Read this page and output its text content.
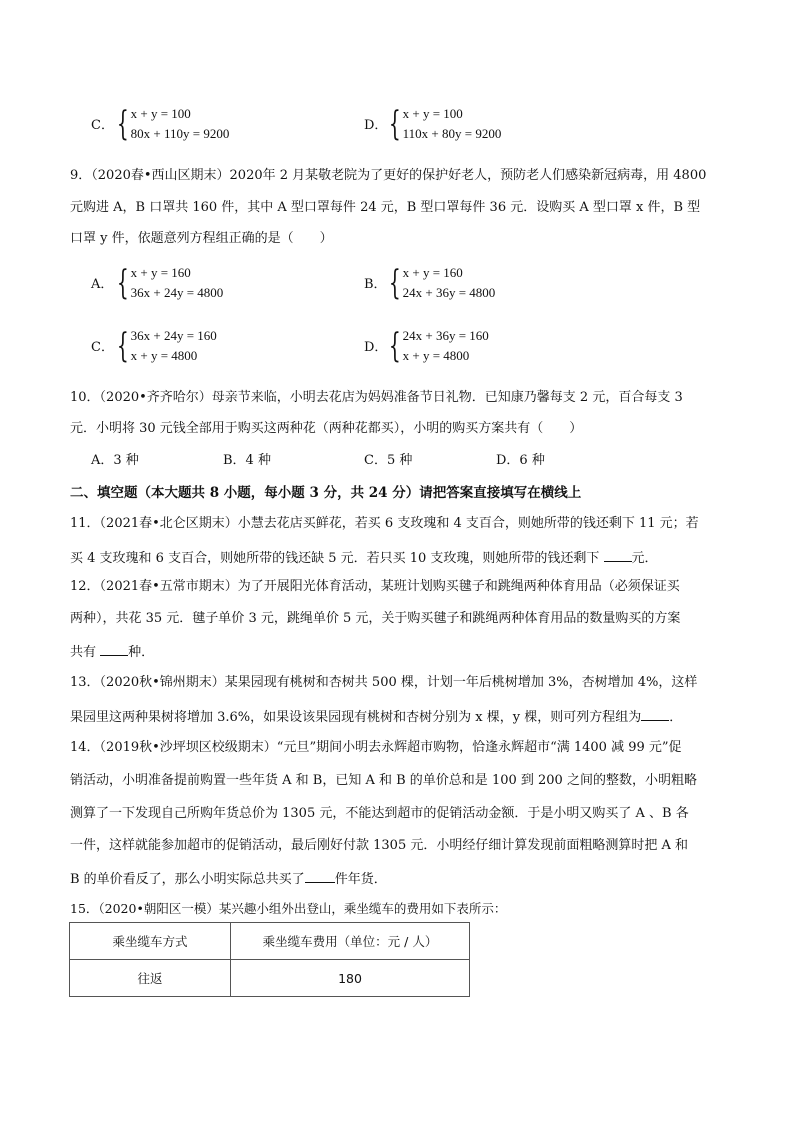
C． { x + y = 100
80x + 110y = 9200
D． { x + y = 100
110x + 80y = 9200
9．（2020春•西山区期末）2020年 2 月某敬老院为了更好的保护好老人，预防老人们感染新冠病毒，用 4800
元购进 A，B 口罩共 160 件，其中 A 型口罩每件 24 元，B 型口罩每件 36 元．设购买 A 型口罩 x 件，B 型
口罩 y 件，依题意列方程组正确的是（　　）
A． { x + y = 160
36x + 24y = 4800
B． { x + y = 160
24x + 36y = 4800
C． { 36x + 24y = 160
x + y = 4800
D． { 24x + 36y = 160
x + y = 4800
10．（2020•齐齐哈尔）母亲节来临，小明去花店为妈妈准备节日礼物．已知康乃馨每支 2 元，百合每支 3
元．小明将 30 元钱全部用于购买这两种花（两种花都买），小明的购买方案共有（　　）
A．3 种	B．4 种	C．5 种	D．6 种
二、填空题（本大题共 8 小题，每小题 3 分，共 24 分）请把答案直接填写在横线上
11．（2021春•北仑区期末）小慧去花店买鲜花，若买 6 支玫瑰和 4 支百合，则她所带的钱还剩下 11 元；若
买 4 支玫瑰和 6 支百合，则她所带的钱还缺 5 元．若只买 10 支玫瑰，则她所带的钱还剩下 元．
12．（2021春•五常市期末）为了开展阳光体育活动，某班计划购买毽子和跳绳两种体育用品（必须保证买
两种），共花 35 元．毽子单价 3 元，跳绳单价 5 元，关于购买毽子和跳绳两种体育用品的数量购买的方案
共有 种．
13．（2020秋•锦州期末）某果园现有桃树和杏树共 500 棵，计划一年后桃树增加 3%，杏树增加 4%，这样
果园里这两种果树将增加 3.6%，如果设该果园现有桃树和杏树分别为 x 棵，y 棵，则可列方程组为 ．
14．（2019秋•沙坪坝区校级期末）“元旦”期间小明去永辉超市购物，恰逢永辉超市“满 1400 减 99 元”促
销活动，小明准备提前购置一些年货 A 和 B，已知 A 和 B 的单价总和是 100 到 200 之间的整数，小明粗略
测算了一下发现自己所购年货总价为 1305 元，不能达到超市的促销活动金额．于是小明又购买了 A 、B 各
一件，这样就能参加超市的促销活动，最后刚好付款 1305 元．小明经仔细计算发现前面粗略测算时把 A 和
B 的单价看反了，那么小明实际总共买了 件年货．
15．（2020•朝阳区一模）某兴趣小组外出登山，乘坐缆车的费用如下表所示：
乘坐缆车方式	乘坐缆车费用（单位：元 / 人）
往返	180
